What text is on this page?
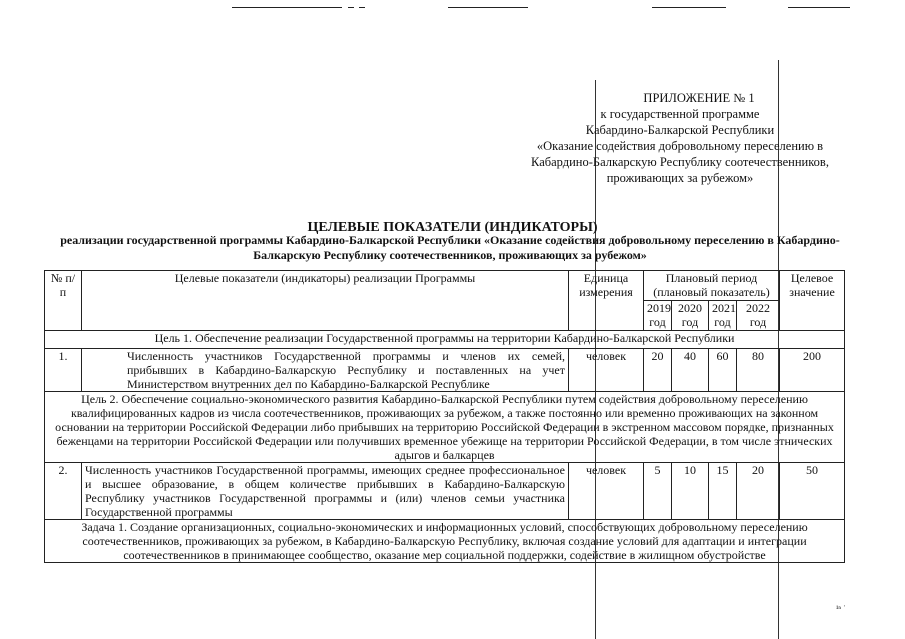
ПРИЛОЖЕНИЕ № 1
к государственной программе
Кабардино-Балкарской Республики
«Оказание содействия добровольному переселению в
Кабардино-Балкарскую Республику соотечественников,
проживающих за рубежом»
ЦЕЛЕВЫЕ ПОКАЗАТЕЛИ (ИНДИКАТОРЫ)
реализации государственной программы Кабардино-Балкарской Республики «Оказание содействия добровольному переселению в Кабардино-Балкарскую Республику соотечественников, проживающих за рубежом»
№ п/п	Целевые показатели (индикаторы) реализации Программы	Единица измерения	Плановый период (плановый показатель)				Целевое значение
			2019 год	2020 год	2021 год	2022 год	
Цель 1. Обеспечение реализации Государственной программы на территории Кабардино-Балкарской Республики							
1.	Численность участников Государственной программы и членов их семей, прибывших в Кабардино-Балкарскую Республику и поставленных на учет Министерством внутренних дел по Кабардино-Балкарской Республике	человек	20	40	60	80	200
Цель 2. Обеспечение социально-экономического развития Кабардино-Балкарской Республики путем содействия добровольному переселению квалифицированных кадров из числа соотечественников, проживающих за рубежом, а также постоянно или временно проживающих на законном основании на территории Российской Федерации либо прибывших на территорию Российской Федерации в экстренном массовом порядке, признанных беженцами на территории Российской Федерации или получивших временное убежище на территории Российской Федерации, в том числе этнических адыгов и балкарцев							
2.	Численность участников Государственной программы, имеющих среднее профессиональное и высшее образование, в общем количестве прибывших в Кабардино-Балкарскую Республику участников Государственной программы и (или) членов семьи участника Государственной программы	человек	5	10	15	20	50
Задача 1. Создание организационных, социально-экономических и информационных условий, способствующих добровольному переселению соотечественников, проживающих за рубежом, в Кабардино-Балкарскую Республику, включая создание условий для адаптации и интеграции соотечественников в принимающее сообщество, оказание мер социальной поддержки, содействие в жилищном обустройстве							
¹ⁿ ˈ
